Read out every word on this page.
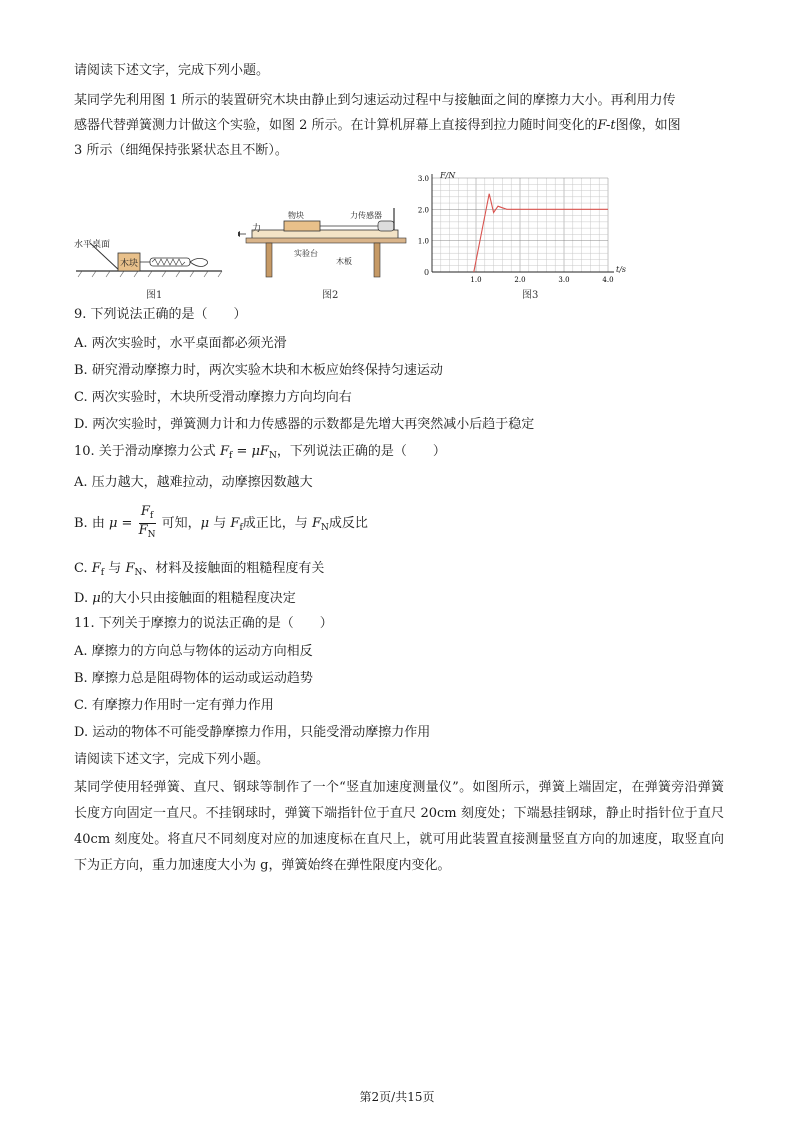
请阅读下述文字，完成下列小题。
某同学先利用图 1 所示的装置研究木块由静止到匀速运动过程中与接触面之间的摩擦力大小。再利用力传
感器代替弹簧测力计做这个实验，如图 2 所示。在计算机屏幕上直接得到拉力随时间变化的F-t图像，如图
3 所示（细绳保持张紧状态且不断）。
水平桌面
木块
图1
力
物块	力传感器
实验台
木板
图2
1.0
2.0
3.0
1.0	2.0	3.0	4.0
F/N
t/s
0
图3
9. 下列说法正确的是（　　）
A. 两次实验时，水平桌面都必须光滑
B. 研究滑动摩擦力时，两次实验木块和木板应始终保持匀速运动
C. 两次实验时，木块所受滑动摩擦力方向均向右
D. 两次实验时，弹簧测力计和力传感器的示数都是先增大再突然减小后趋于稳定
10. 关于滑动摩擦力公式 $F_f = \mu F_N$，下列说法正确的是（　　）
A. 压力越大，越难拉动，动摩擦因数越大
B. 由 $\mu = \frac{F_f}{F_N}$ 可知，μ 与 $F_f$成正比，与 $F_N$成反比
C. $F_f$ 与 $F_N$、材料及接触面的粗糙程度有关
D. μ的大小只由接触面的粗糙程度决定
11. 下列关于摩擦力的说法正确的是（　　）
A. 摩擦力的方向总与物体的运动方向相反
B. 摩擦力总是阻碍物体的运动或运动趋势
C. 有摩擦力作用时一定有弹力作用
D. 运动的物体不可能受静摩擦力作用，只能受滑动摩擦力作用
请阅读下述文字，完成下列小题。
某同学使用轻弹簧、直尺、钢球等制作了一个“竖直加速度测量仪”。如图所示，弹簧上端固定，在弹簧旁沿弹簧长度方向固定一直尺。不挂钢球时，弹簧下端指针位于直尺 20cm 刻度处；下端悬挂钢球，静止时指针位于直尺 40cm 刻度处。将直尺不同刻度对应的加速度标在直尺上，就可用此装置直接测量竖直方向的加速度，取竖直向下为正方向，重力加速度大小为 g，弹簧始终在弹性限度内变化。
第2页/共15页
